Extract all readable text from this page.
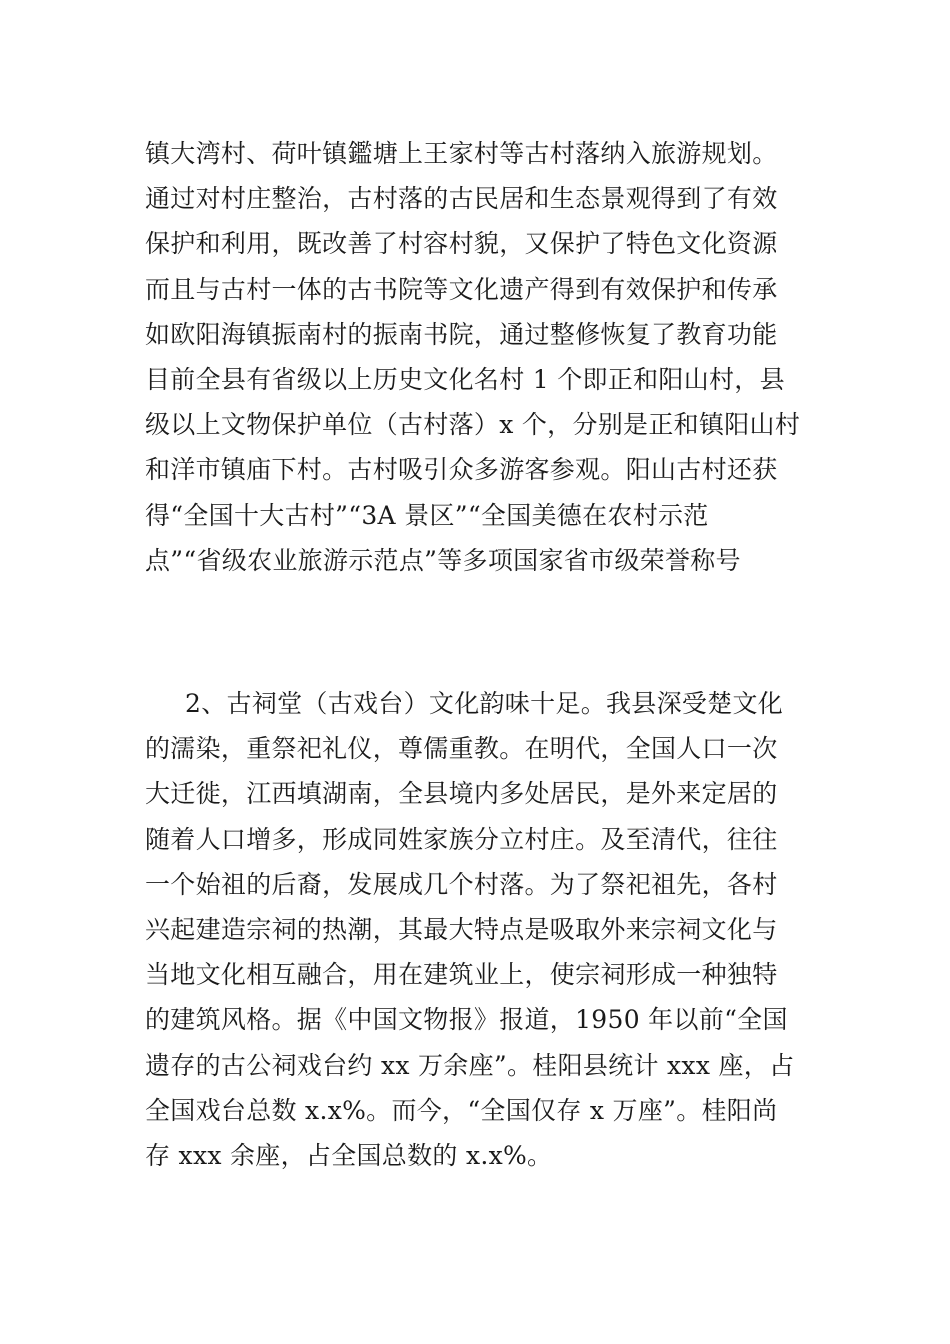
镇大湾村、荷叶镇鑑塘上王家村等古村落纳入旅游规划。
通过对村庄整治，古村落的古民居和生态景观得到了有效
保护和利用，既改善了村容村貌，又保护了特色文化资源
而且与古村一体的古书院等文化遗产得到有效保护和传承
如欧阳海镇振南村的振南书院，通过整修恢复了教育功能
目前全县有省级以上历史文化名村 1 个即正和阳山村，县
级以上文物保护单位（古村落）x 个，分别是正和镇阳山村
和洋市镇庙下村。古村吸引众多游客参观。阳山古村还获
得“全国十大古村”“3A 景区”“全国美德在农村示范
点”“省级农业旅游示范点”等多项国家省市级荣誉称号
2、古祠堂（古戏台）文化韵味十足。我县深受楚文化
的濡染，重祭祀礼仪，尊儒重教。在明代，全国人口一次
大迁徙，江西填湖南，全县境内多处居民，是外来定居的
随着人口增多，形成同姓家族分立村庄。及至清代，往往
一个始祖的后裔，发展成几个村落。为了祭祀祖先，各村
兴起建造宗祠的热潮，其最大特点是吸取外来宗祠文化与
当地文化相互融合，用在建筑业上，使宗祠形成一种独特
的建筑风格。据《中国文物报》报道，1950 年以前“全国
遗存的古公祠戏台约 xx 万余座”。桂阳县统计 xxx 座，占
全国戏台总数 x.x%。而今，“全国仅存 x 万座”。桂阳尚
存 xxx 余座，占全国总数的 x.x%。
